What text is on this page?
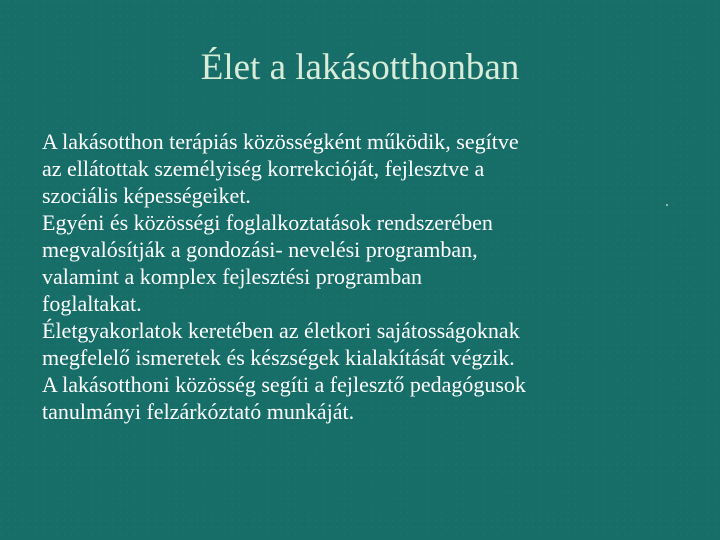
Élet a lakásotthonban

A lakásotthon terápiás közösségként működik, segítve
az ellátottak személyiség korrekcióját, fejlesztve a
szociális képességeiket.

Egyéni és közösségi foglalkoztatások rendszerében
megvalósítják a gondozási- nevelési programban,
valamint a komplex fejlesztési programban
foglaltakat.

Életgyakorlatok keretében az életkori sajátosságoknak
megfelelő ismeretek és készségek kialakítását végzik.

A lakásotthoni közösség segíti a fejlesztő pedagógusok
tanulmányi felzárkóztató munkáját.
